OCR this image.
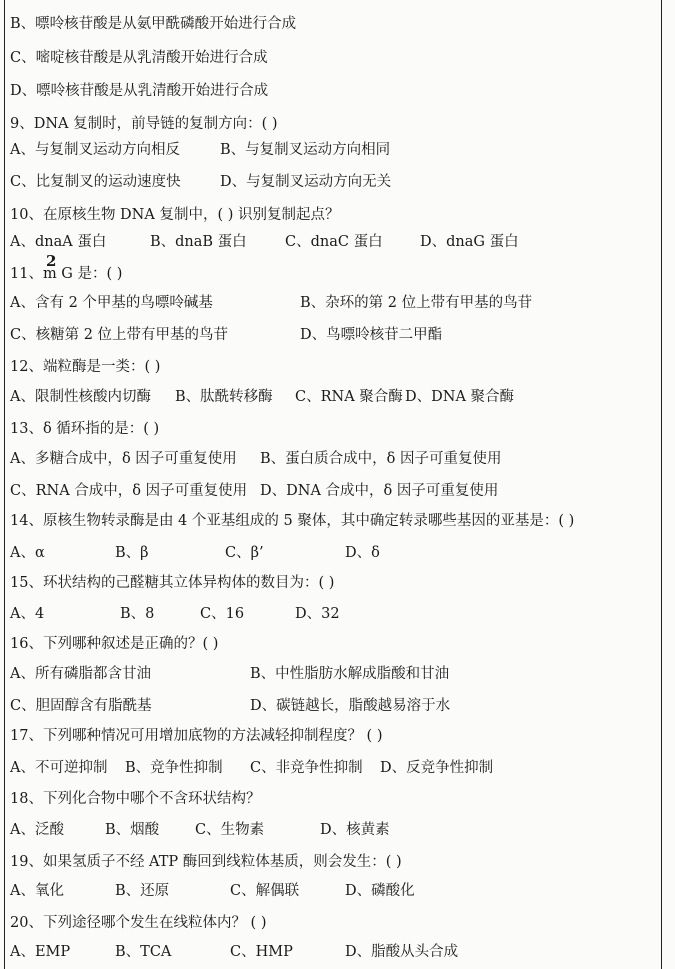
B、嘌呤核苷酸是从氨甲酰磷酸开始进行合成
C、嘧啶核苷酸是从乳清酸开始进行合成
D、嘌呤核苷酸是从乳清酸开始进行合成
9、DNA 复制时，前导链的复制方向：( )
A、与复制叉运动方向相反	B、与复制叉运动方向相同
C、比复制叉的运动速度快	D、与复制叉运动方向无关
10、在原核生物 DNA 复制中，( ) 识别复制起点？
A、dnaA 蛋白	B、dnaB 蛋白	C、dnaC 蛋白	D、dnaG 蛋白
11、m G 是：( )
A、含有 2 个甲基的鸟嘌呤碱基	B、杂环的第 2 位上带有甲基的鸟苷
C、核糖第 2 位上带有甲基的鸟苷	D、鸟嘌呤核苷二甲酯
12、端粒酶是一类：( )
A、限制性核酸内切酶 B、肽酰转移酶 C、RNA 聚合酶 D、DNA 聚合酶
13、δ 循环指的是：( )
A、多糖合成中，δ 因子可重复使用 B、蛋白质合成中，δ 因子可重复使用
C、RNA 合成中，δ 因子可重复使用 D、DNA 合成中，δ 因子可重复使用
14、原核生物转录酶是由 4 个亚基组成的 5 聚体，其中确定转录哪些基因的亚基是：( )
A、α	B、β	C、β’	D、δ
15、环状结构的己醛糖其立体异构体的数目为：( )
A、4	B、8	C、16	D、32
16、下列哪种叙述是正确的？( )
A、所有磷脂都含甘油	B、中性脂肪水解成脂酸和甘油
C、胆固醇含有脂酰基	D、碳链越长，脂酸越易溶于水
17、下列哪种情况可用增加底物的方法减轻抑制程度？ ( )
A、不可逆抑制 B、竞争性抑制 C、非竞争性抑制 D、反竞争性抑制
18、下列化合物中哪个不含环状结构？
A、泛酸	B、烟酸 C、生物素	D、核黄素
19、如果氢质子不经 ATP 酶回到线粒体基质，则会发生：( )
A、氧化	B、还原	C、解偶联	D、磷酸化
20、下列途径哪个发生在线粒体内？ ( )
A、EMP	B、TCA	C、HMP	D、脂酸从头合成
2
